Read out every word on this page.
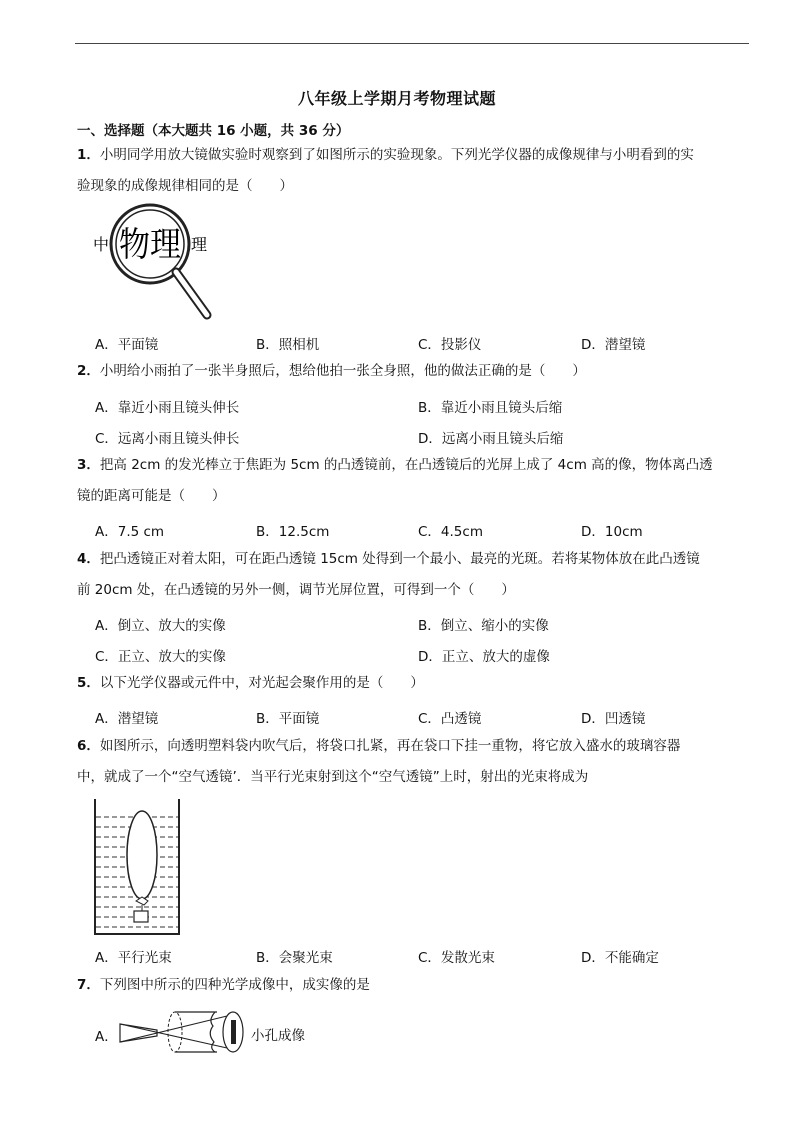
八年级上学期月考物理试题
一、选择题（本大题共 16 小题，共 36 分）
1．小明同学用放大镜做实验时观察到了如图所示的实验现象。下列光学仪器的成像规律与小明看到的实
验现象的成像规律相同的是（　　）
中 物理 理
A．平面镜	B．照相机	C．投影仪	D．潜望镜
2．小明给小雨拍了一张半身照后，想给他拍一张全身照，他的做法正确的是（　　）
A．靠近小雨且镜头伸长	B．靠近小雨且镜头后缩
C．远离小雨且镜头伸长	D．远离小雨且镜头后缩
3．把高 2cm 的发光棒立于焦距为 5cm 的凸透镜前，在凸透镜后的光屏上成了 4cm 高的像，物体离凸透
镜的距离可能是（　　）
A．7.5 cm	B．12.5cm	C．4.5cm	D．10cm
4．把凸透镜正对着太阳，可在距凸透镜 15cm 处得到一个最小、最亮的光斑。若将某物体放在此凸透镜
前 20cm 处，在凸透镜的另外一侧，调节光屏位置，可得到一个（　　）
A．倒立、放大的实像	B．倒立、缩小的实像
C．正立、放大的实像	D．正立、放大的虚像
5．以下光学仪器或元件中，对光起会聚作用的是（　　）
A．潜望镜	B．平面镜	C．凸透镜	D．凹透镜
6．如图所示，向透明塑料袋内吹气后，将袋口扎紧，再在袋口下挂一重物，将它放入盛水的玻璃容器
中，就成了一个“空气透镜’．当平行光束射到这个“空气透镜”上时，射出的光束将成为
A．平行光束	B．会聚光束	C．发散光束	D．不能确定
7．下列图中所示的四种光学成像中，成实像的是
A．	小孔成像
